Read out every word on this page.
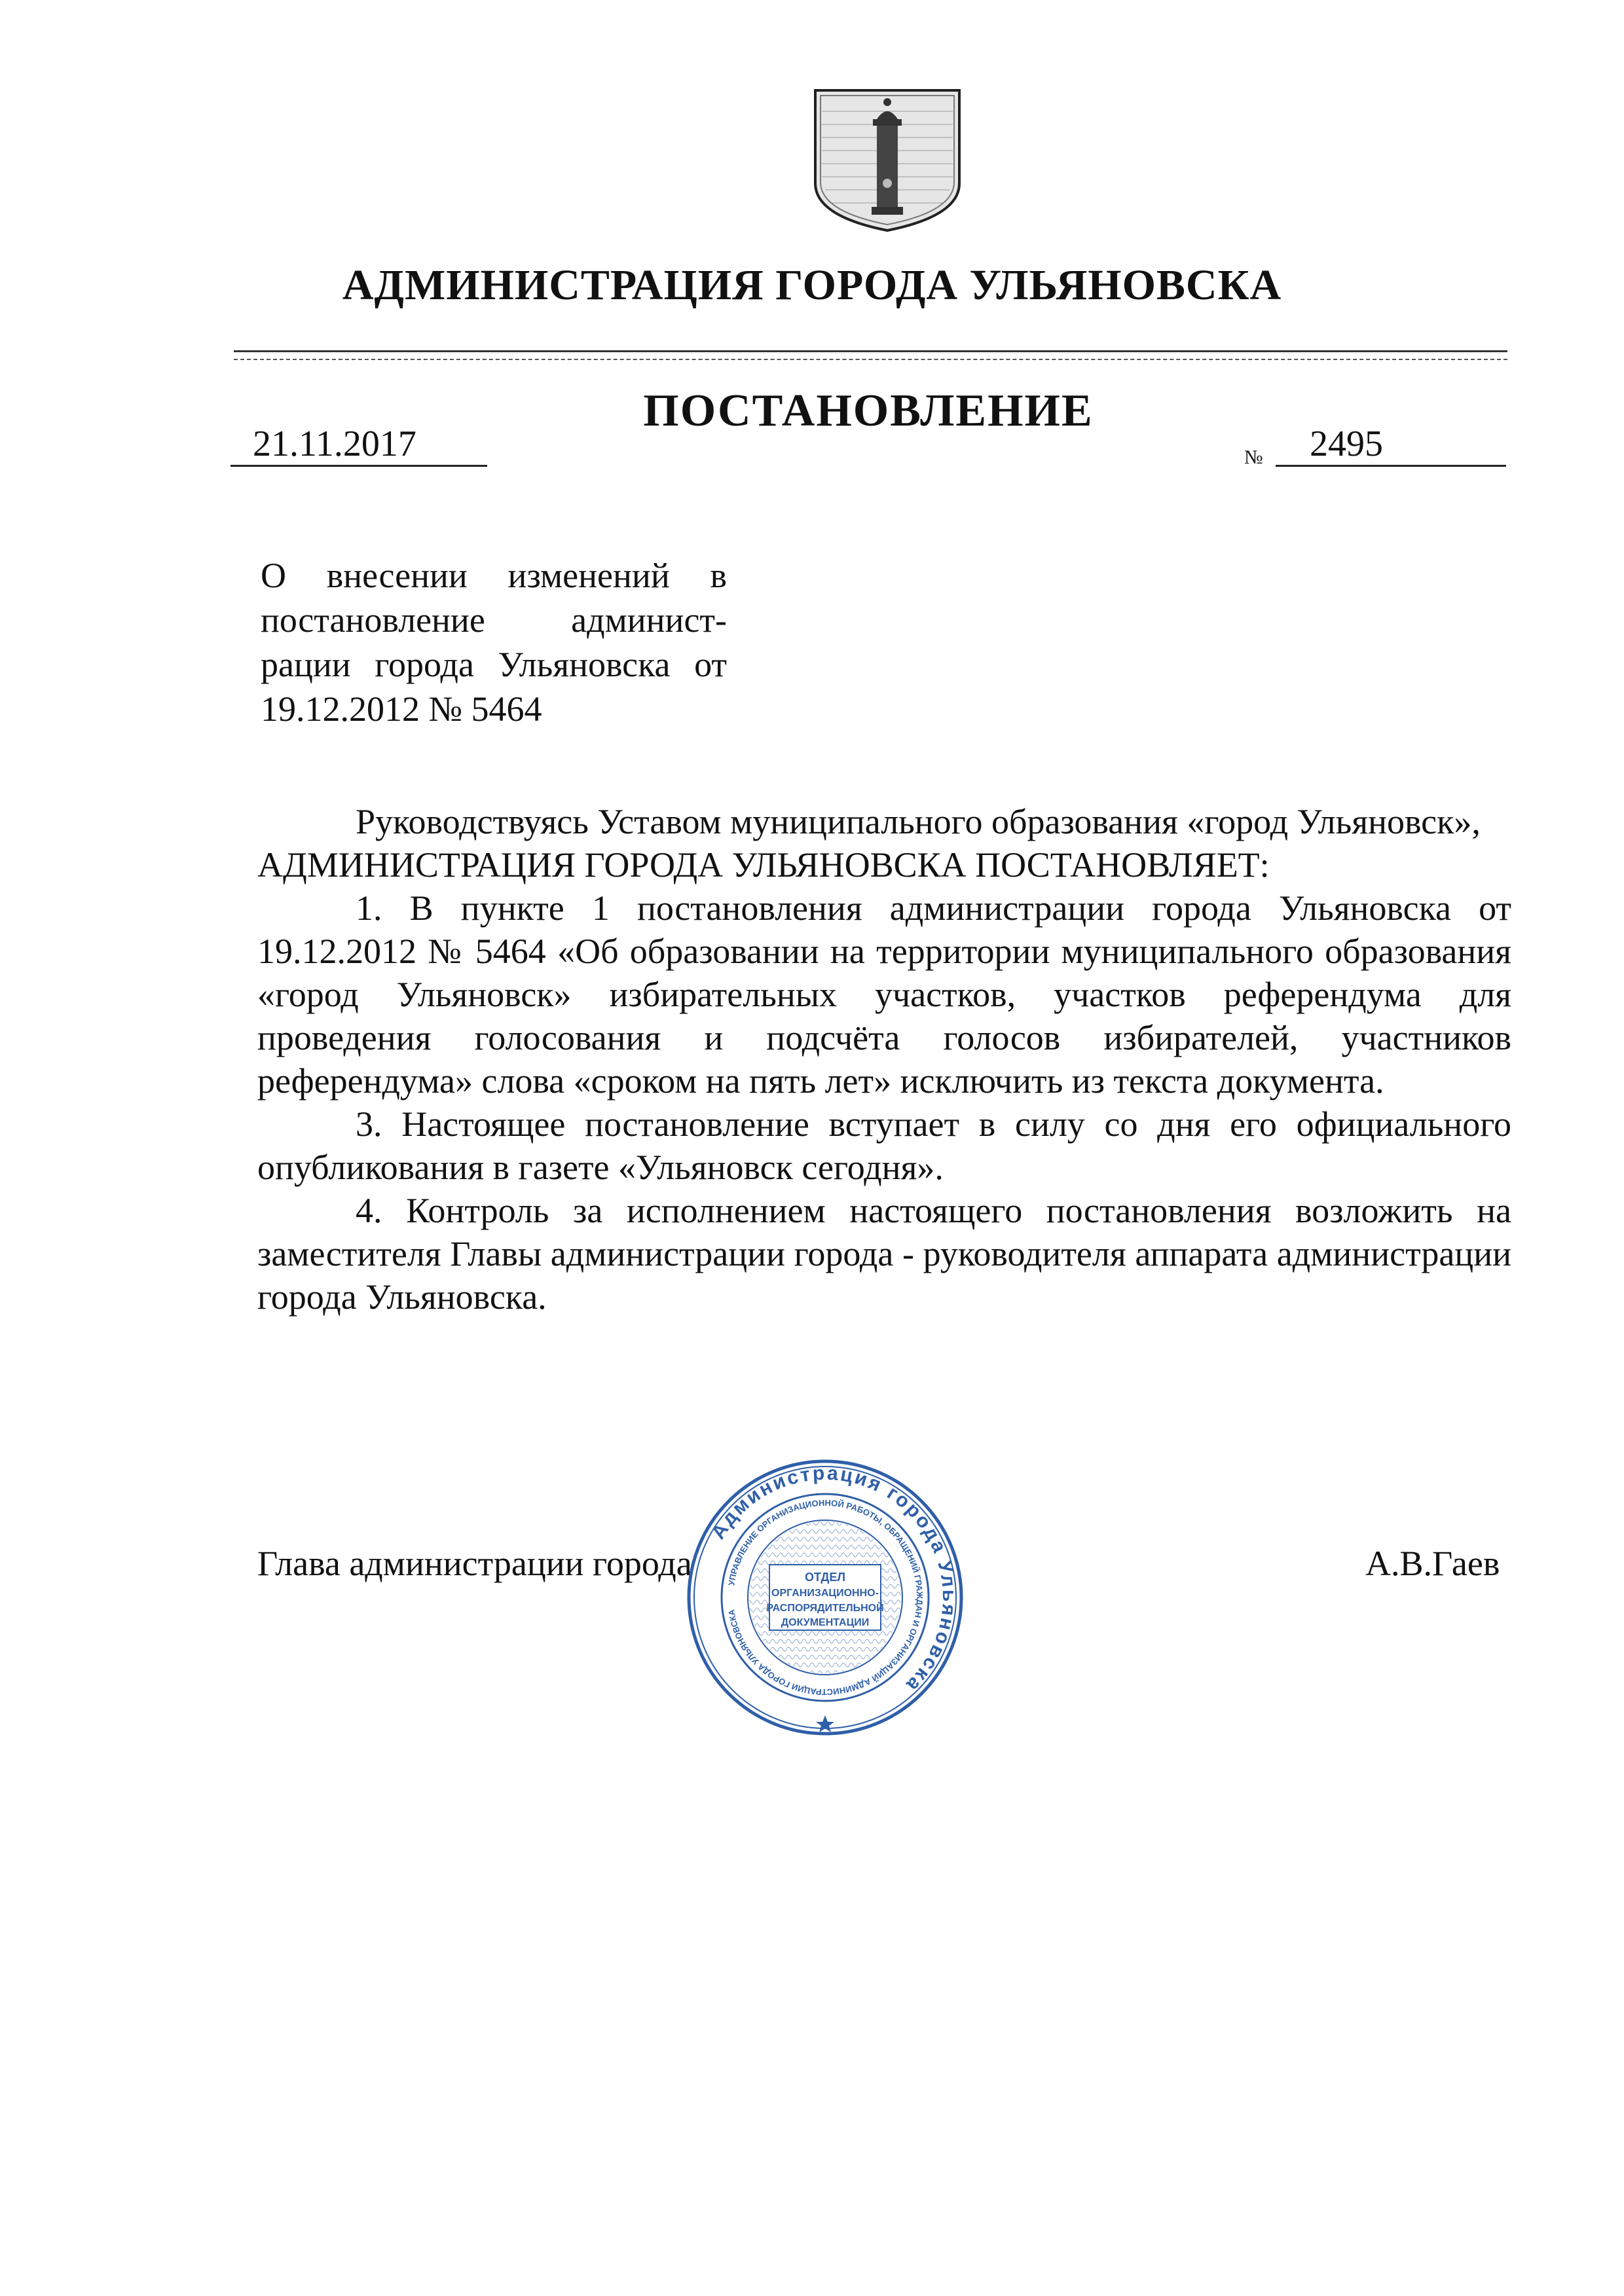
АДМИНИСТРАЦИЯ ГОРОДА УЛЬЯНОВСКА
ПОСТАНОВЛЕНИЕ
21.11.2017	№ 2495
О внесении изменений в постановление админист-рации города Ульяновска от 19.12.2012 № 5464

Руководствуясь Уставом муниципального образования «город Ульяновск»,

АДМИНИСТРАЦИЯ ГОРОДА УЛЬЯНОВСКА ПОСТАНОВЛЯЕТ:

1. В пункте 1 постановления администрации города Ульяновска от 19.12.2012 № 5464 «Об образовании на территории муниципального образования «город Ульяновск» избирательных участков, участков референдума для проведения голосования и подсчёта голосов избирателей, участников референдума» слова «сроком на пять лет» исключить из текста документа.

3. Настоящее постановление вступает в силу со дня его официального опубликования в газете «Ульяновск сегодня».

4. Контроль за исполнением настоящего постановления возложить на заместителя Главы администрации города - руководителя аппарата администрации города Ульяновска.

Глава администрации города	А.В.Гаев
Администрация города Ульяновска
УПРАВЛЕНИЕ ОРГАНИЗАЦИОННОЙ РАБОТЫ, ОБРАЩЕНИЙ ГРАЖДАН И ОРГАНИЗАЦИЙ АДМИНИСТРАЦИИ ГОРОДА УЛЬЯНОВСКА
ОТДЕЛ
ОРГАНИЗАЦИОННО-
РАСПОРЯДИТЕЛЬНОЙ
ДОКУМЕНТАЦИИ
